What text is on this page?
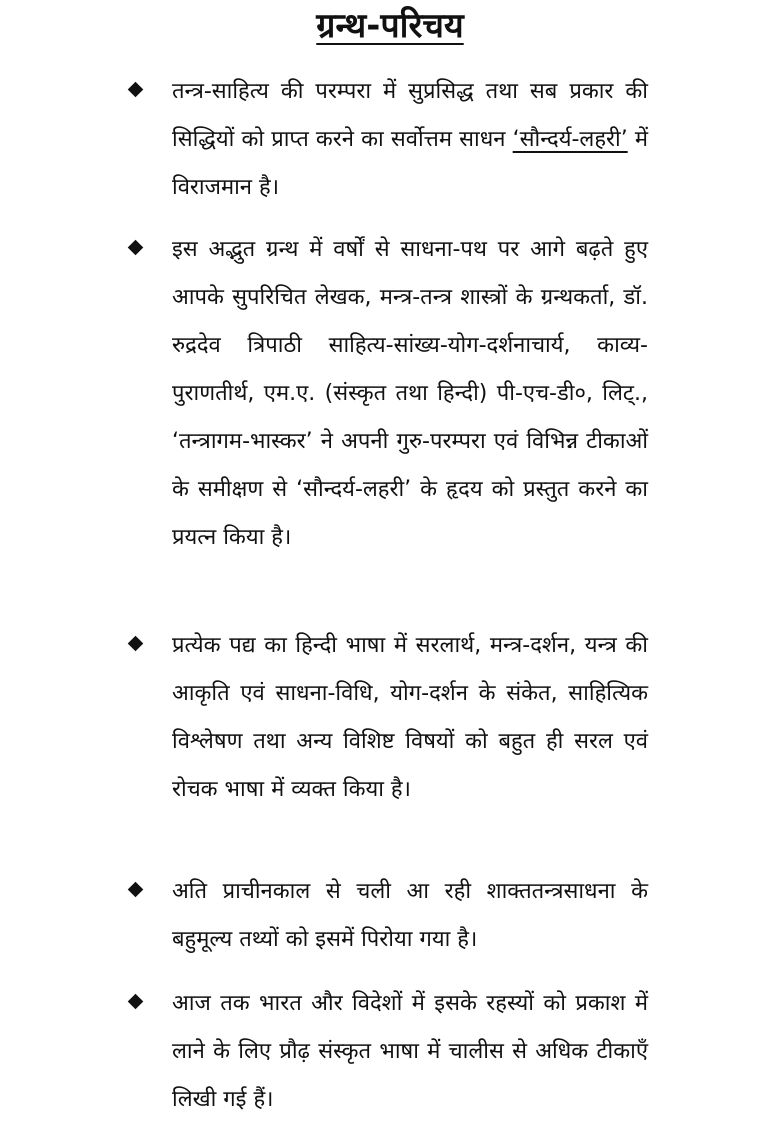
ग्रन्थ-परिचय
तन्त्र-साहित्य की परम्परा में सुप्रसिद्ध तथा सब प्रकार की सिद्धियों को प्राप्त करने का सर्वोत्तम साधन ‘सौन्दर्य-लहरी’ में विराजमान है।
इस अद्भुत ग्रन्थ में वर्षों से साधना-पथ पर आगे बढ़ते हुए आपके सुपरिचित लेखक, मन्त्र-तन्त्र शास्त्रों के ग्रन्थकर्ता, डॉ. रुद्रदेव त्रिपाठी साहित्य-सांख्य-योग-दर्शनाचार्य, काव्य-पुराणतीर्थ, एम.ए. (संस्कृत तथा हिन्दी) पी-एच-डी०, लिट्., ‘तन्त्रागम-भास्कर’ ने अपनी गुरु-परम्परा एवं विभिन्न टीकाओं के समीक्षण से ‘सौन्दर्य-लहरी’ के हृदय को प्रस्तुत करने का प्रयत्न किया है।
प्रत्येक पद्य का हिन्दी भाषा में सरलार्थ, मन्त्र-दर्शन, यन्त्र की आकृति एवं साधना-विधि, योग-दर्शन के संकेत, साहित्यिक विश्लेषण तथा अन्य विशिष्ट विषयों को बहुत ही सरल एवं रोचक भाषा में व्यक्त किया है।
अति प्राचीनकाल से चली आ रही शाक्ततन्त्रसाधना के बहुमूल्य तथ्यों को इसमें पिरोया गया है।
आज तक भारत और विदेशों में इसके रहस्यों को प्रकाश में लाने के लिए प्रौढ़ संस्कृत भाषा में चालीस से अधिक टीकाएँ लिखी गई हैं।
